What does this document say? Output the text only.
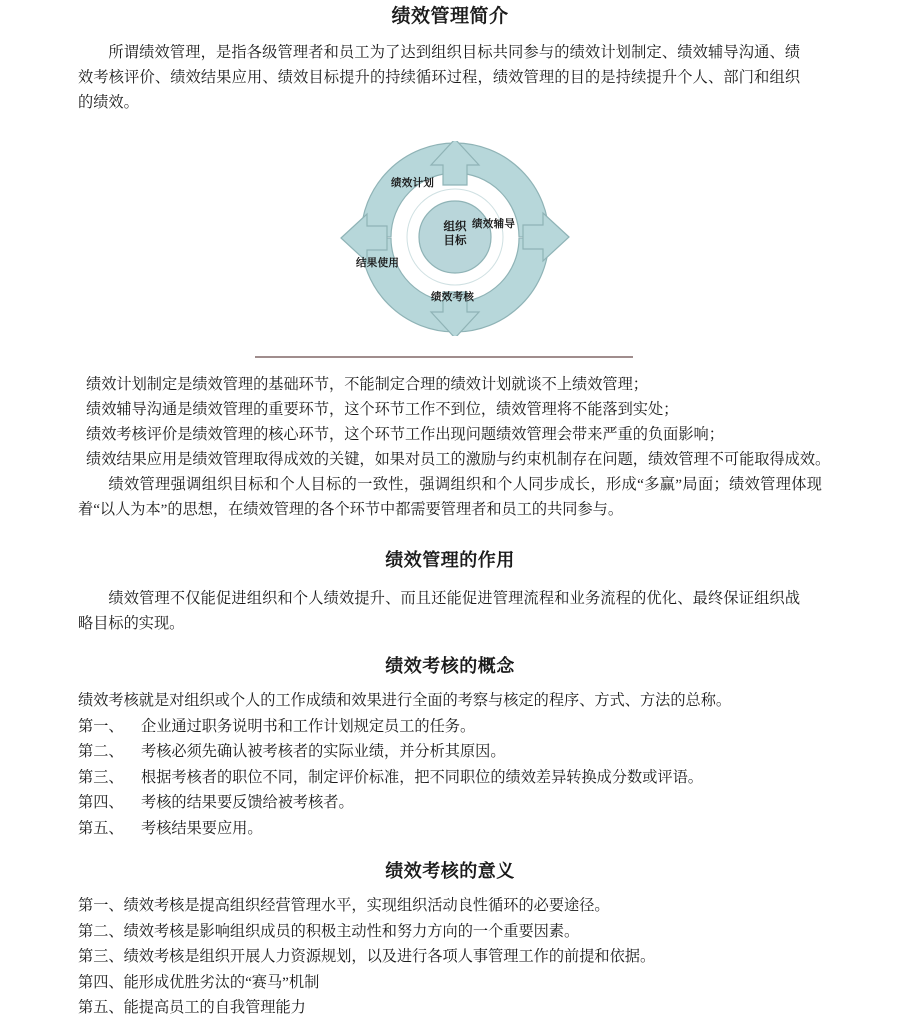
绩效管理简介

所谓绩效管理，是指各级管理者和员工为了达到组织目标共同参与的绩效计划制定、绩效辅导沟通、绩效考核评价、绩效结果应用、绩效目标提升的持续循环过程，绩效管理的目的是持续提升个人、部门和组织的绩效。

绩效计划
绩效辅导
绩效考核
结果使用
组织
目标
绩效计划制定是绩效管理的基础环节，不能制定合理的绩效计划就谈不上绩效管理；
绩效辅导沟通是绩效管理的重要环节，这个环节工作不到位，绩效管理将不能落到实处；
绩效考核评价是绩效管理的核心环节，这个环节工作出现问题绩效管理会带来严重的负面影响；
绩效结果应用是绩效管理取得成效的关键，如果对员工的激励与约束机制存在问题，绩效管理不可能取得成效。
绩效管理强调组织目标和个人目标的一致性，强调组织和个人同步成长，形成“多赢”局面；绩效管理体现着“以人为本”的思想，在绩效管理的各个环节中都需要管理者和员工的共同参与。
绩效管理的作用

绩效管理不仅能促进组织和个人绩效提升、而且还能促进管理流程和业务流程的优化、最终保证组织战略目标的实现。

绩效考核的概念
绩效考核就是对组织或个人的工作成绩和效果进行全面的考察与核定的程序、方式、方法的总称。
第一、 企业通过职务说明书和工作计划规定员工的任务。
第二、 考核必须先确认被考核者的实际业绩，并分析其原因。
第三、 根据考核者的职位不同，制定评价标准，把不同职位的绩效差异转换成分数或评语。
第四、 考核的结果要反馈给被考核者。
第五、 考核结果要应用。
绩效考核的意义
第一、绩效考核是提高组织经营管理水平，实现组织活动良性循环的必要途径。
第二、绩效考核是影响组织成员的积极主动性和努力方向的一个重要因素。
第三、绩效考核是组织开展人力资源规划，以及进行各项人事管理工作的前提和依据。
第四、能形成优胜劣汰的“赛马”机制
第五、能提高员工的自我管理能力
